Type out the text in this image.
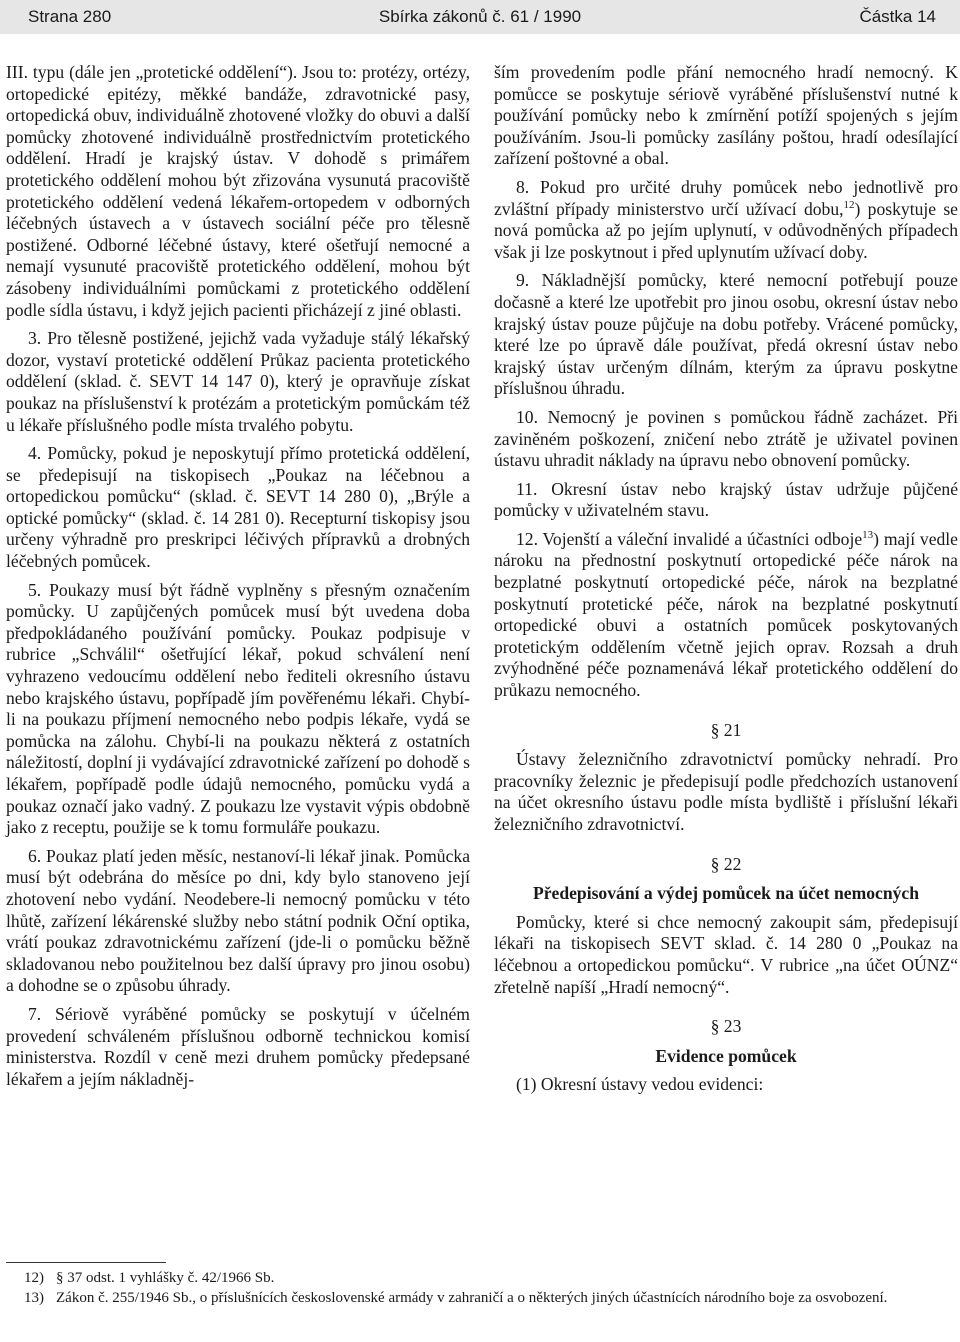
Strana 280	Sbírka zákonů č. 61 / 1990	Částka 14

III. typu (dále jen „protetické oddělení“). Jsou to: protézy, ortézy, ortopedické epitézy, měkké bandáže, zdravotnické pasy, ortopedická obuv, individuálně zhotovené vložky do obuvi a další pomůcky zhotovené individuálně prostřednictvím protetického oddělení. Hradí je krajský ústav. V dohodě s primářem protetického oddělení mohou být zřizována vysunutá pracoviště protetického oddělení vedená lékařem-ortopedem v odborných léčebných ústavech a v ústavech sociální péče pro tělesně postižené. Odborné léčebné ústavy, které ošetřují nemocné a nemají vysunuté pracoviště protetického oddělení, mohou být zásobeny individuálními pomůckami z protetického oddělení podle sídla ústavu, i když jejich pacienti přicházejí z jiné oblasti.

3. Pro tělesně postižené, jejichž vada vyžaduje stálý lékařský dozor, vystaví protetické oddělení Průkaz pacienta protetického oddělení (sklad. č. SEVT 14 147 0), který je opravňuje získat poukaz na příslušenství k protézám a protetickým pomůckám též u lékaře příslušného podle místa trvalého pobytu.

4. Pomůcky, pokud je neposkytují přímo protetická oddělení, se předepisují na tiskopisech „Poukaz na léčebnou a ortopedickou pomůcku“ (sklad. č. SEVT 14 280 0), „Brýle a optické pomůcky“ (sklad. č. 14 281 0). Recepturní tiskopisy jsou určeny výhradně pro preskripci léčivých přípravků a drobných léčebných pomůcek.

5. Poukazy musí být řádně vyplněny s přesným označením pomůcky. U zapůjčených pomůcek musí být uvedena doba předpokládaného používání pomůcky. Poukaz podpisuje v rubrice „Schválil“ ošetřující lékař, pokud schválení není vyhrazeno vedoucímu oddělení nebo řediteli okresního ústavu nebo krajského ústavu, popřípadě jím pověřenému lékaři. Chybí-li na poukazu příjmení nemocného nebo podpis lékaře, vydá se pomůcka na zálohu. Chybí-li na poukazu některá z ostatních náležitostí, doplní ji vydávající zdravotnické zařízení po dohodě s lékařem, popřípadě podle údajů nemocného, pomůcku vydá a poukaz označí jako vadný. Z poukazu lze vystavit výpis obdobně jako z receptu, použije se k tomu formuláře poukazu.

6. Poukaz platí jeden měsíc, nestanoví-li lékař jinak. Pomůcka musí být odebrána do měsíce po dni, kdy bylo stanoveno její zhotovení nebo vydání. Neodebere-li nemocný pomůcku v této lhůtě, zařízení lékárenské služby nebo státní podnik Oční optika, vrátí poukaz zdravotnickému zařízení (jde-li o pomůcku běžně skladovanou nebo použitelnou bez další úpravy pro jinou osobu) a dohodne se o způsobu úhrady.

7. Sériově vyráběné pomůcky se poskytují v účelném provedení schváleném příslušnou odborně technickou komisí ministerstva. Rozdíl v ceně mezi druhem pomůcky předepsané lékařem a jejím nákladněj-

ším provedením podle přání nemocného hradí nemocný. K pomůcce se poskytuje sériově vyráběné příslušenství nutné k používání pomůcky nebo k zmírnění potíží spojených s jejím používáním. Jsou-li pomůcky zasílány poštou, hradí odesílající zařízení poštovné a obal.

8. Pokud pro určité druhy pomůcek nebo jednotlivě pro zvláštní případy ministerstvo určí užívací dobu,$^{12}$) poskytuje se nová pomůcka až po jejím uplynutí, v odůvodněných případech však ji lze poskytnout i před uplynutím užívací doby.

9. Nákladnější pomůcky, které nemocní potřebují pouze dočasně a které lze upotřebit pro jinou osobu, okresní ústav nebo krajský ústav pouze půjčuje na dobu potřeby. Vrácené pomůcky, které lze po úpravě dále používat, předá okresní ústav nebo krajský ústav určeným dílnám, kterým za úpravu poskytne příslušnou úhradu.

10. Nemocný je povinen s pomůckou řádně zacházet. Při zaviněném poškození, zničení nebo ztrátě je uživatel povinen ústavu uhradit náklady na úpravu nebo obnovení pomůcky.

11. Okresní ústav nebo krajský ústav udržuje půjčené pomůcky v uživatelném stavu.

12. Vojenští a váleční invalidé a účastníci odboje$^{13}$) mají vedle nároku na přednostní poskytnutí ortopedické péče nárok na bezplatné poskytnutí ortopedické péče, nárok na bezplatné poskytnutí protetické péče, nárok na bezplatné poskytnutí ortopedické obuvi a ostatních pomůcek poskytovaných protetickým oddělením včetně jejich oprav. Rozsah a druh zvýhodněné péče poznamenává lékař protetického oddělení do průkazu nemocného.

§ 21

Ústavy železničního zdravotnictví pomůcky nehradí. Pro pracovníky železnic je předepisují podle předchozích ustanovení na účet okresního ústavu podle místa bydliště i příslušní lékaři železničního zdravotnictví.

§ 22

Předepisování a výdej pomůcek na účet nemocných

Pomůcky, které si chce nemocný zakoupit sám, předepisují lékaři na tiskopisech SEVT sklad. č. 14 280 0 „Poukaz na léčebnou a ortopedickou pomůcku“. V rubrice „na účet OÚNZ“ zřetelně napíší „Hradí nemocný“.

§ 23

Evidence pomůcek

(1) Okresní ústavy vedou evidenci:

12) § 37 odst. 1 vyhlášky č. 42/1966 Sb.
13) Zákon č. 255/1946 Sb., o příslušnících československé armády v zahraničí a o některých jiných účastnících národního boje za osvobození.
